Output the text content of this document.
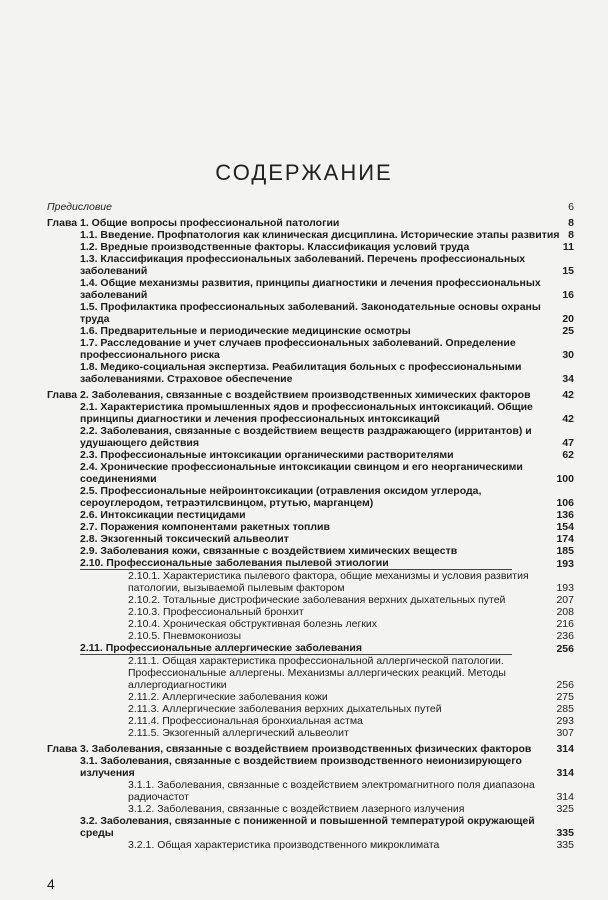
СОДЕРЖАНИЕ
Предисловие	6
Глава 1. Общие вопросы профессиональной патологии	8
1.1. Введение. Профпатология как клиническая дисциплина. Исторические этапы развития 8
1.2. Вредные производственные факторы. Классификация условий труда	11
1.3. Классификация профессиональных заболеваний. Перечень профессиональных заболеваний	15
1.4. Общие механизмы развития, принципы диагностики и лечения профессиональных заболеваний	16
1.5. Профилактика профессиональных заболеваний. Законодательные основы охраны труда	20
1.6. Предварительные и периодические медицинские осмотры	25
1.7. Расследование и учет случаев профессиональных заболеваний. Определение профессионального риска	30
1.8. Медико-социальная экспертиза. Реабилитация больных с профессиональными заболеваниями. Страховое обеспечение	34
Глава 2. Заболевания, связанные с воздействием производственных химических факторов	42
2.1. Характеристика промышленных ядов и профессиональных интоксикаций. Общие принципы диагностики и лечения профессиональных интоксикаций	42
2.2. Заболевания, связанные с воздействием веществ раздражающего (ирритантов) и удушающего действия	47
2.3. Профессиональные интоксикации органическими растворителями	62
2.4. Хронические профессиональные интоксикации свинцом и его неорганическими соединениями	100
2.5. Профессиональные нейроинтоксикации (отравления оксидом углерода, сероуглеродом, тетраэтилсвинцом, ртутью, марганцем)	106
2.6. Интоксикации пестицидами	136
2.7. Поражения компонентами ракетных топлив	154
2.8. Экзогенный токсический альвеолит	174
2.9. Заболевания кожи, связанные с воздействием химических веществ	185
2.10. Профессиональные заболевания пылевой этиологии	193
2.10.1. Характеристика пылевого фактора, общие механизмы и условия развития патологии, вызываемой пылевым фактором	193
2.10.2. Тотальные дистрофические заболевания верхних дыхательных путей	207
2.10.3. Профессиональный бронхит	208
2.10.4. Хроническая обструктивная болезнь легких	216
2.10.5. Пневмокониозы	236
2.11. Профессиональные аллергические заболевания	256
2.11.1. Общая характеристика профессиональной аллергической патологии. Профессиональные аллергены. Механизмы аллергических реакций. Методы аллергодиагностики	256
2.11.2. Аллергические заболевания кожи	275
2.11.3. Аллергические заболевания верхних дыхательных путей	285
2.11.4. Профессиональная бронхиальная астма	293
2.11.5. Экзогенный аллергический альвеолит	307
Глава 3. Заболевания, связанные с воздействием производственных физических факторов	314
3.1. Заболевания, связанные с воздействием производственного неионизирующего излучения	314
3.1.1. Заболевания, связанные с воздействием электромагнитного поля диапазона радиочастот	314
3.1.2. Заболевания, связанные с воздействием лазерного излучения	325
3.2. Заболевания, связанные с пониженной и повышенной температурой окружающей среды	335
3.2.1. Общая характеристика производственного микроклимата	335
4
